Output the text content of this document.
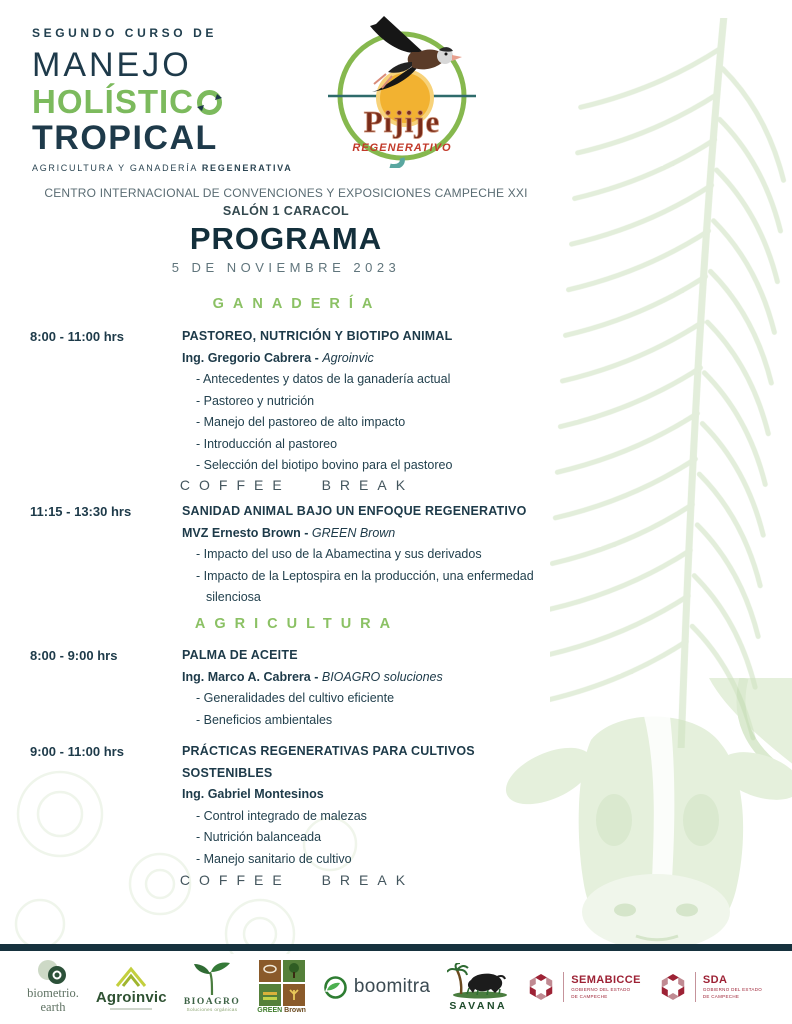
SEGUNDO CURSO DE
MANEJO
HOLÍSTIC
TROPICAL
AGRICULTURA Y GANADERÍA REGENERATIVA
Pijije
REGENERATIVO
CENTRO INTERNACIONAL DE CONVENCIONES Y EXPOSICIONES CAMPECHE XXI
SALÓN 1 CARACOL
PROGRAMA
5 DE NOVIEMBRE 2023
GANADERÍA
8:00 - 11:00 hrs	PASTOREO, NUTRICIÓN Y BIOTIPO ANIMAL
Ing. Gregorio Cabrera - Agroinvic
- Antecedentes y datos de la ganadería actual
- Pastoreo y nutrición
- Manejo del pastoreo de alto impacto
- Introducción al pastoreo
- Selección del biotipo bovino para el pastoreo
COFFEE BREAK
11:15 - 13:30 hrs	SANIDAD ANIMAL BAJO UN ENFOQUE REGENERATIVO
MVZ Ernesto Brown - GREEN Brown
- Impacto del uso de la Abamectina y sus derivados
- Impacto de la Leptospira en la producción, una enfermedad silenciosa
AGRICULTURA
8:00 - 9:00 hrs	PALMA DE ACEITE
Ing. Marco A. Cabrera - BIOAGRO soluciones
- Generalidades del cultivo eficiente
- Beneficios ambientales
9:00 - 11:00 hrs	PRÁCTICAS REGENERATIVAS PARA CULTIVOS SOSTENIBLES
Ing. Gabriel Montesinos
- Control integrado de malezas
- Nutrición balanceada
- Manejo sanitario de cultivo
COFFEE BREAK
biometrio.
earth
Agroinvic BIOAGRO
Soluciones orgánicas	GREEN Brown
boomitra
SAVANA
SEMABICCE
GOBIERNO DEL ESTADO DE CAMPECHE
SDA
GOBIERNO DEL ESTADO DE CAMPECHE
